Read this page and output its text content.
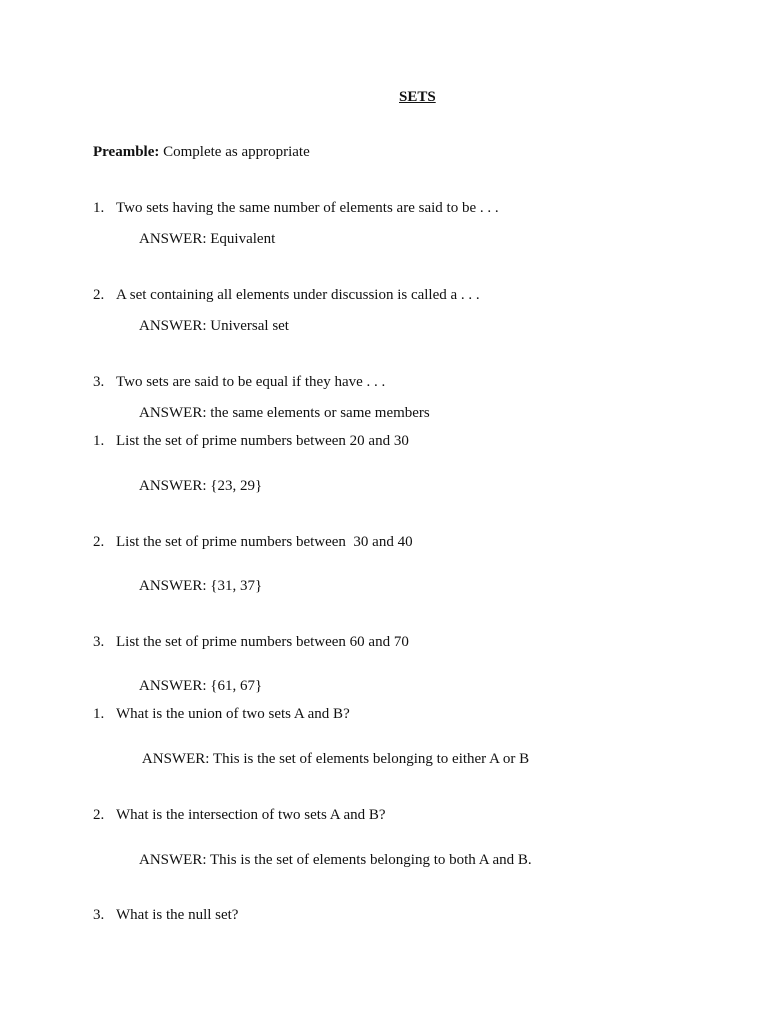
SETS
Preamble: Complete as appropriate
1. Two sets having the same number of elements are said to be . . .
ANSWER: Equivalent
2. A set containing all elements under discussion is called a . . .
ANSWER: Universal set
3. Two sets are said to be equal if they have . . .
ANSWER: the same elements or same members
1. List the set of prime numbers between 20 and 30
ANSWER: {23, 29}
2. List the set of prime numbers between  30 and 40
ANSWER: {31, 37}
3. List the set of prime numbers between 60 and 70
ANSWER: {61, 67}
1. What is the union of two sets A and B?
ANSWER: This is the set of elements belonging to either A or B
2. What is the intersection of two sets A and B?
ANSWER: This is the set of elements belonging to both A and B.
3. What is the null set?
